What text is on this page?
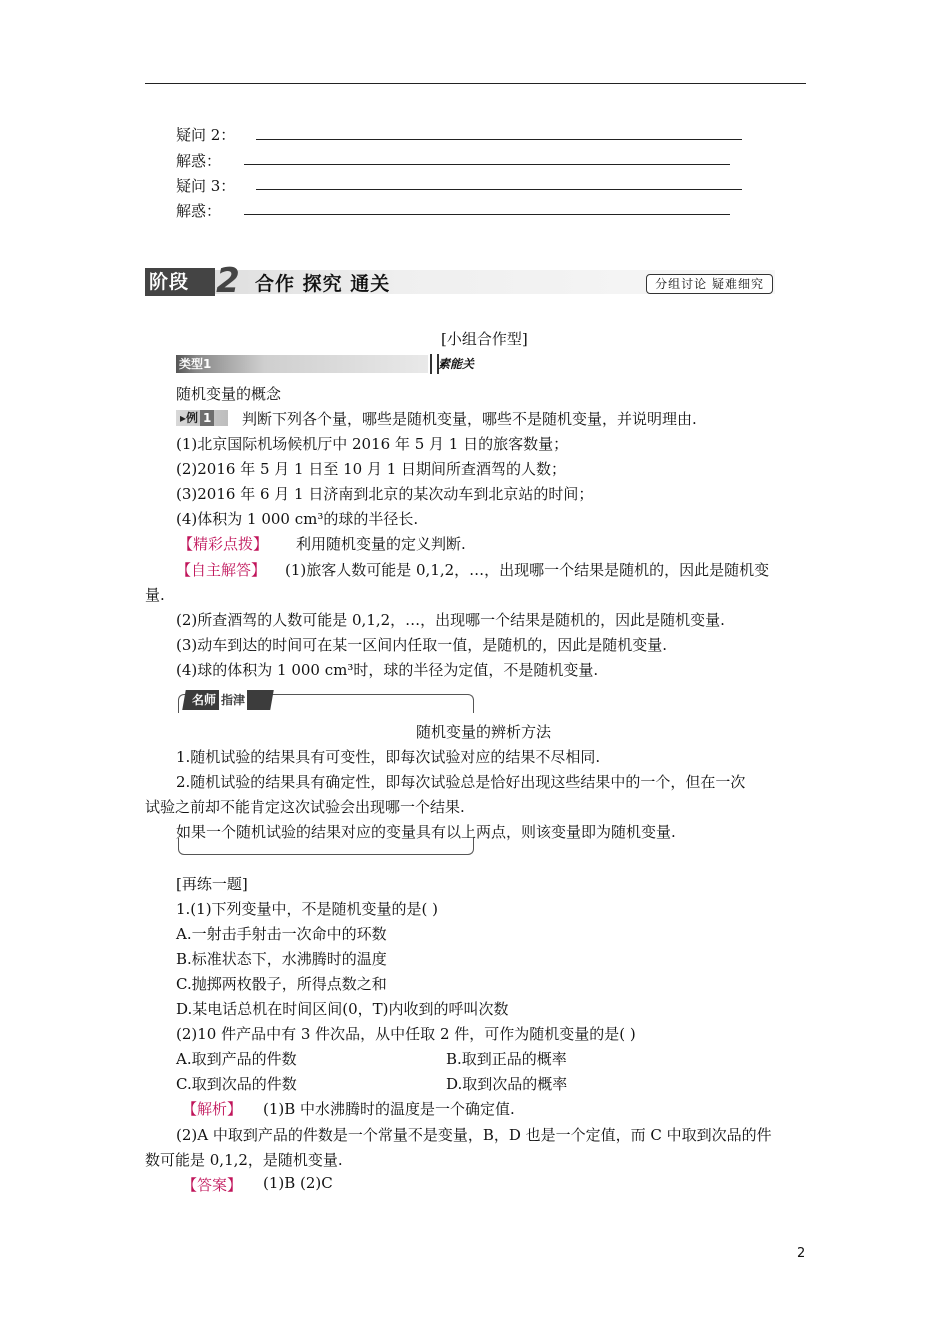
疑问 2：
解惑：
疑问 3：
解惑：
阶段 2 合作 探究 通关	分组讨论 疑难细究
[小组合作型]
类型1	素能关
随机变量的概念
▸例 1	判断下列各个量，哪些是随机变量，哪些不是随机变量，并说明理由.
(1)北京国际机场候机厅中 2016 年 5 月 1 日的旅客数量；
(2)2016 年 5 月 1 日至 10 月 1 日期间所查酒驾的人数；
(3)2016 年 6 月 1 日济南到北京的某次动车到北京站的时间；
(4)体积为 1 000 cm³的球的半径长.
【精彩点拨】 利用随机变量的定义判断.
【自主解答】 (1)旅客人数可能是 0,1,2，…，出现哪一个结果是随机的，因此是随机变
量.
(2)所查酒驾的人数可能是 0,1,2，…，出现哪一个结果是随机的，因此是随机变量.
(3)动车到达的时间可在某一区间内任取一值，是随机的，因此是随机变量.
(4)球的体积为 1 000 cm³时，球的半径为定值，不是随机变量.
名师 指津
随机变量的辨析方法
1.随机试验的结果具有可变性，即每次试验对应的结果不尽相同.
2.随机试验的结果具有确定性，即每次试验总是恰好出现这些结果中的一个，但在一次
试验之前却不能肯定这次试验会出现哪一个结果.
如果一个随机试验的结果对应的变量具有以上两点，则该变量即为随机变量.
[再练一题]
1.(1)下列变量中，不是随机变量的是( )
A.一射击手射击一次命中的环数
B.标准状态下，水沸腾时的温度
C.抛掷两枚骰子，所得点数之和
D.某电话总机在时间区间(0，T)内收到的呼叫次数
(2)10 件产品中有 3 件次品，从中任取 2 件，可作为随机变量的是( )
A.取到产品的件数	B.取到正品的概率
C.取到次品的件数	D.取到次品的概率
【解析】 (1)B 中水沸腾时的温度是一个确定值.
(2)A 中取到产品的件数是一个常量不是变量，B，D 也是一个定值，而 C 中取到次品的件
数可能是 0,1,2，是随机变量.
【答案】 (1)B (2)C
2
